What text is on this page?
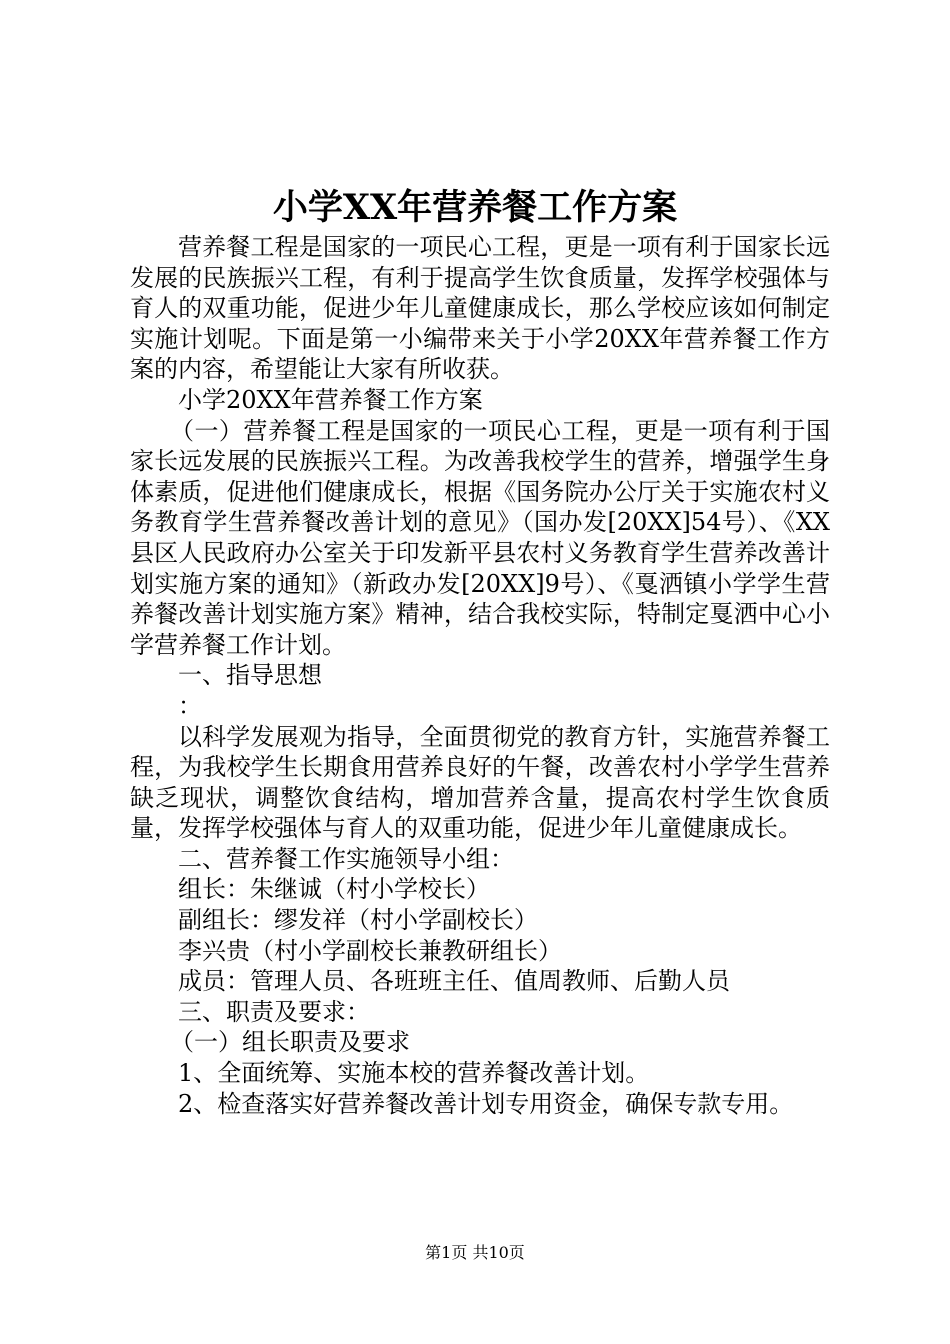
小学XX年营养餐工作方案

营养餐工程是国家的一项民心工程，更是一项有利于国家长远发展的民族振兴工程，有利于提高学生饮食质量，发挥学校强体与育人的双重功能，促进少年儿童健康成长，那么学校应该如何制定实施计划呢。下面是第一小编带来关于小学20XX年营养餐工作方案的内容，希望能让大家有所收获。

小学20XX年营养餐工作方案

（一）营养餐工程是国家的一项民心工程，更是一项有利于国家长远发展的民族振兴工程。为改善我校学生的营养，增强学生身体素质，促进他们健康成长，根据《国务院办公厅关于实施农村义务教育学生营养餐改善计划的意见》（国办发[20XX]54号）、《XX县区人民政府办公室关于印发新平县农村义务教育学生营养改善计划实施方案的通知》（新政办发[20XX]9号）、《戛洒镇小学学生营养餐改善计划实施方案》精神，结合我校实际，特制定戛洒中心小学营养餐工作计划。

一、指导思想

：

以科学发展观为指导，全面贯彻党的教育方针，实施营养餐工程，为我校学生长期食用营养良好的午餐，改善农村小学学生营养缺乏现状，调整饮食结构，增加营养含量，提高农村学生饮食质量，发挥学校强体与育人的双重功能，促进少年儿童健康成长。

二、营养餐工作实施领导小组：

组长：朱继诚（村小学校长）

副组长：缪发祥（村小学副校长）

李兴贵（村小学副校长兼教研组长）

成员：管理人员、各班班主任、值周教师、后勤人员

三、职责及要求：

（一）组长职责及要求

1、全面统筹、实施本校的营养餐改善计划。

2、检查落实好营养餐改善计划专用资金，确保专款专用。

第1页 共10页
